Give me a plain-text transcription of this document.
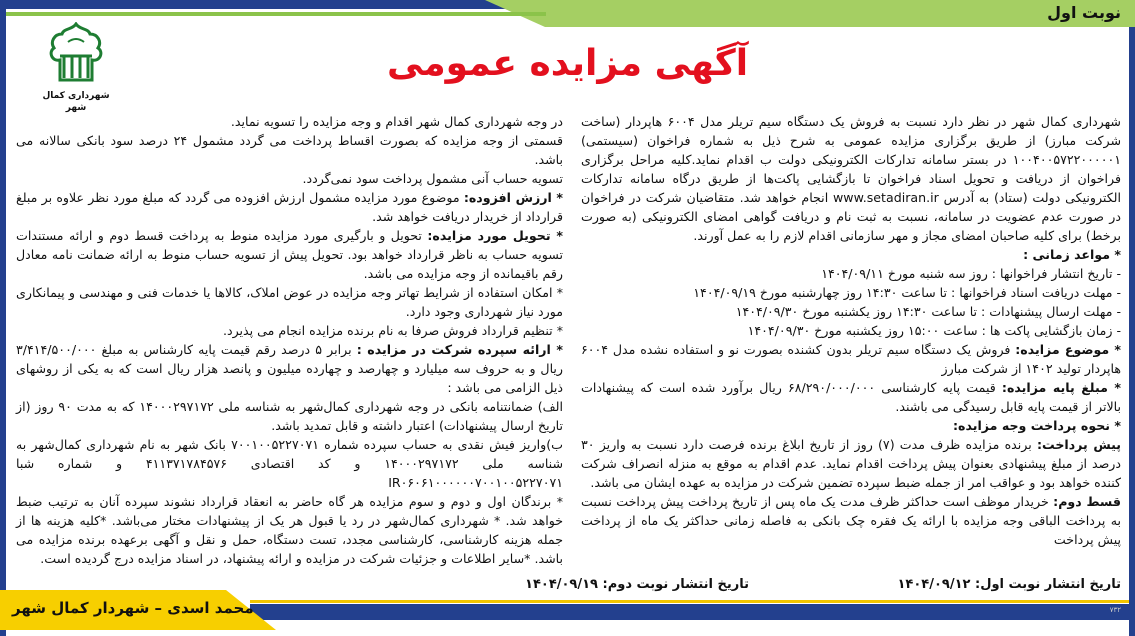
نوبت اول
آگهی مزایده عمومی
شهرداری کمال شهر

شهرداری کمال شهر در نظر دارد نسبت به فروش یک دستگاه سیم تریلر مدل ۶۰۰۴ هاپردار (ساخت شرکت مبارز) از طریق برگزاری مزایده عمومی به شرح ذیل به شماره فراخوان (سیستمی) ۱۰۰۴۰۰۵۷۲۲۰۰۰۰۰۱ در بستر سامانه تدارکات الکترونیکی دولت ب اقدام نماید.کلیه مراحل برگزاری فراخوان از دریافت و تحویل اسناد فراخوان تا بازگشایی پاکت‌ها از طریق درگاه سامانه تدارکات الکترونیکی دولت (ستاد) به آدرس www.setadiran.ir انجام خواهد شد. متقاضیان شرکت در فراخوان در صورت عدم عضویت در سامانه، نسبت به ثبت نام و دریافت گواهی امضای الکترونیکی (به صورت برخط) برای کلیه صاحبان امضای مجاز و مهر سازمانی اقدام لازم را به عمل آورند.

* مواعد زمانی :

- تاریخ انتشار فراخوانها : روز سه شنبه مورخ ۱۴۰۴/۰۹/۱۱

- مهلت دریافت اسناد فراخوانها : تا ساعت ۱۴:۳۰ روز چهارشنبه مورخ ۱۴۰۴/۰۹/۱۹

- مهلت ارسال پیشنهادات : تا ساعت ۱۴:۳۰ روز یکشنبه مورخ ۱۴۰۴/۰۹/۳۰

- زمان بازگشایی پاکت ها : ساعت ۱۵:۰۰ روز یکشنبه مورخ ۱۴۰۴/۰۹/۳۰

* موضوع مزایده: فروش یک دستگاه سیم تریلر بدون کشنده بصورت نو و استفاده نشده مدل ۶۰۰۴ هاپردار تولید ۱۴۰۲ از شرکت مبارز

* مبلغ پایه مزایده: قیمت پایه کارشناسی ۶۸/۲۹۰/۰۰۰/۰۰۰ ریال برآورد شده است که پیشنهادات بالاتر از قیمت پایه قابل رسیدگی می باشند.

* نحوه پرداخت وجه مزایده:

پیش پرداخت: برنده مزایده ظرف مدت (۷) روز از تاریخ ابلاغ برنده فرصت دارد نسبت به واریز ۳۰ درصد از مبلغ پیشنهادی بعنوان پیش پرداخت اقدام نماید. عدم اقدام به موقع به منزله انصراف شرکت کننده خواهد بود و عواقب امر از جمله ضبط سپرده تضمین شرکت در مزایده به عهده ایشان می باشد.

قسط دوم: خریدار موظف است حداکثر ظرف مدت یک ماه پس از تاریخ پرداخت پیش پرداخت نسبت به پرداخت الباقی وجه مزایده با ارائه یک فقره چک بانکی به فاصله زمانی حداکثر یک ماه از پرداخت پیش پرداخت

در وجه شهرداری کمال شهر اقدام و وجه مزایده را تسویه نماید.

قسمتی از وجه مزایده که بصورت اقساط پرداخت می گردد مشمول ۲۴ درصد سود بانکی سالانه می باشد.

تسویه حساب آنی مشمول پرداخت سود نمی‌گردد.

* ارزش افزوده: موضوع مورد مزایده مشمول ارزش افزوده می گردد که مبلغ مورد نظر علاوه بر مبلغ قرارداد از خریدار دریافت خواهد شد.

* تحویل مورد مزایده: تحویل و بارگیری مورد مزایده منوط به پرداخت قسط دوم و ارائه مستندات تسویه حساب به ناظر قرارداد خواهد بود. تحویل پیش از تسویه حساب منوط به ارائه ضمانت نامه معادل رقم باقیمانده از وجه مزایده می باشد.

* امکان استفاده از شرایط تهاتر وجه مزایده در عوض املاک، کالاها یا خدمات فنی و مهندسی و پیمانکاری مورد نیاز شهرداری وجود دارد.

* تنظیم قرارداد فروش صرفا به نام برنده مزایده انجام می پذیرد.

* ارائه سپرده شرکت در مزایده : برابر ۵ درصد رقم قیمت پایه کارشناس به مبلغ ۳/۴۱۴/۵۰۰/۰۰۰ ریال و به حروف سه میلیارد و چهارصد و چهارده میلیون و پانصد هزار ریال است که به یکی از روشهای ذیل الزامی می باشد :

الف) ضمانتنامه بانکی در وجه شهرداری کمال‌شهر به شناسه ملی ۱۴۰۰۰۲۹۷۱۷۲ که به مدت ۹۰ روز (از تاریخ ارسال پیشنهادات) اعتبار داشته و قابل تمدید باشد.

ب)واریز فیش نقدی به حساب سپرده شماره ۷۰۰۱۰۰۵۲۲۷۰۷۱ بانک شهر به نام شهرداری کمال‌شهر به شناسه ملی ۱۴۰۰۰۲۹۷۱۷۲ و کد اقتصادی ۴۱۱۳۷۱۷۸۴۵۷۶ و شماره شبا IR۰۶۰۶۱۰۰۰۰۰۰۷۰۰۱۰۰۵۲۲۷۰۷۱

* برندگان اول و دوم و سوم مزایده هر گاه حاضر به انعقاد قرارداد نشوند سپرده آنان به ترتیب ضبط خواهد شد. * شهرداری کمال‌شهر در رد یا قبول هر یک از پیشنهادات مختار می‌باشد. *کلیه هزینه ها از جمله هزینه کارشناسی، کارشناسی مجدد، تست دستگاه، حمل و نقل و آگهی برعهده برنده مزایده می باشد. *سایر اطلاعات و جزئیات شرکت در مزایده و ارائه پیشنهاد، در اسناد مزایده درج گردیده است.

تاریخ انتشار نوبت اول: ۱۴۰۴/۰۹/۱۲
تاریخ انتشار نوبت دوم: ۱۴۰۴/۰۹/۱۹
محمد اسدی – شهردار کمال شهر	۷۳۲
